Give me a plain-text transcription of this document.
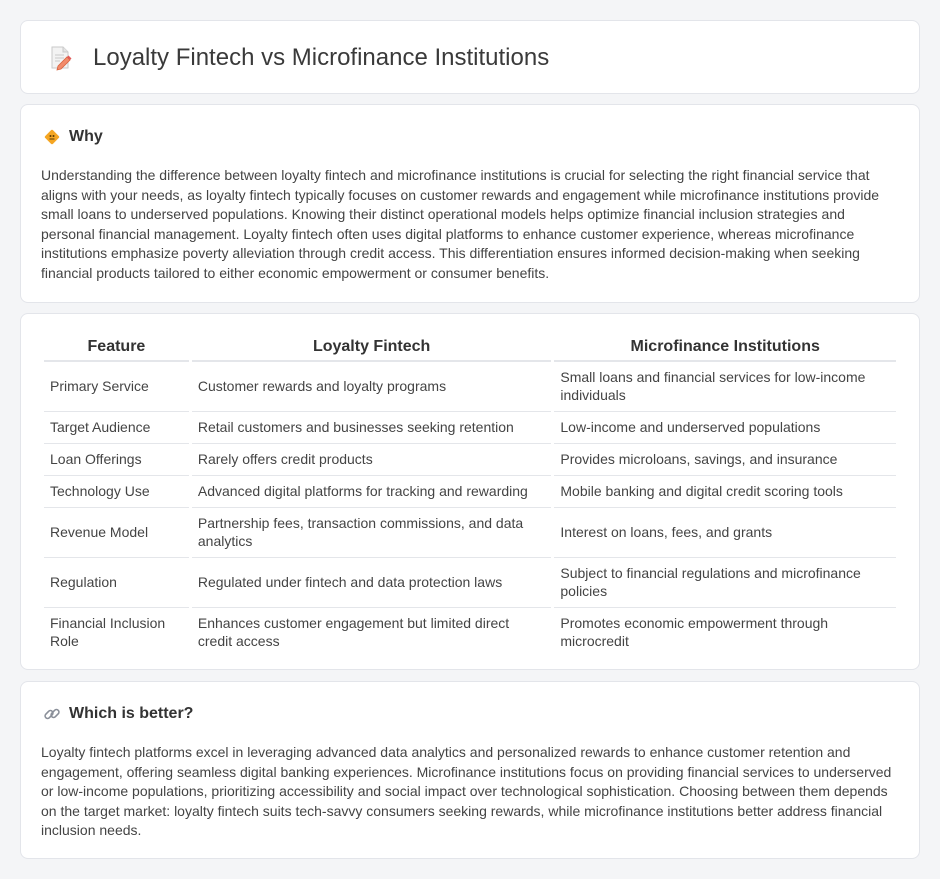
Loyalty Fintech vs Microfinance Institutions
Why

Understanding the difference between loyalty fintech and microfinance institutions is crucial for selecting the right financial service that aligns with your needs, as loyalty fintech typically focuses on customer rewards and engagement while microfinance institutions provide small loans to underserved populations. Knowing their distinct operational models helps optimize financial inclusion strategies and personal financial management. Loyalty fintech often uses digital platforms to enhance customer experience, whereas microfinance institutions emphasize poverty alleviation through credit access. This differentiation ensures informed decision-making when seeking financial products tailored to either economic empowerment or consumer benefits.

Feature	Loyalty Fintech	Microfinance Institutions
Primary Service	Customer rewards and loyalty programs	Small loans and financial services for low-income individuals
Target Audience	Retail customers and businesses seeking retention	Low-income and underserved populations
Loan Offerings	Rarely offers credit products	Provides microloans, savings, and insurance
Technology Use	Advanced digital platforms for tracking and rewarding	Mobile banking and digital credit scoring tools
Revenue Model	Partnership fees, transaction commissions, and data analytics	Interest on loans, fees, and grants
Regulation	Regulated under fintech and data protection laws	Subject to financial regulations and microfinance policies
Financial Inclusion Role	Enhances customer engagement but limited direct credit access	Promotes economic empowerment through microcredit
Which is better?

Loyalty fintech platforms excel in leveraging advanced data analytics and personalized rewards to enhance customer retention and engagement, offering seamless digital banking experiences. Microfinance institutions focus on providing financial services to underserved or low-income populations, prioritizing accessibility and social impact over technological sophistication. Choosing between them depends on the target market: loyalty fintech suits tech-savvy consumers seeking rewards, while microfinance institutions better address financial inclusion needs.
